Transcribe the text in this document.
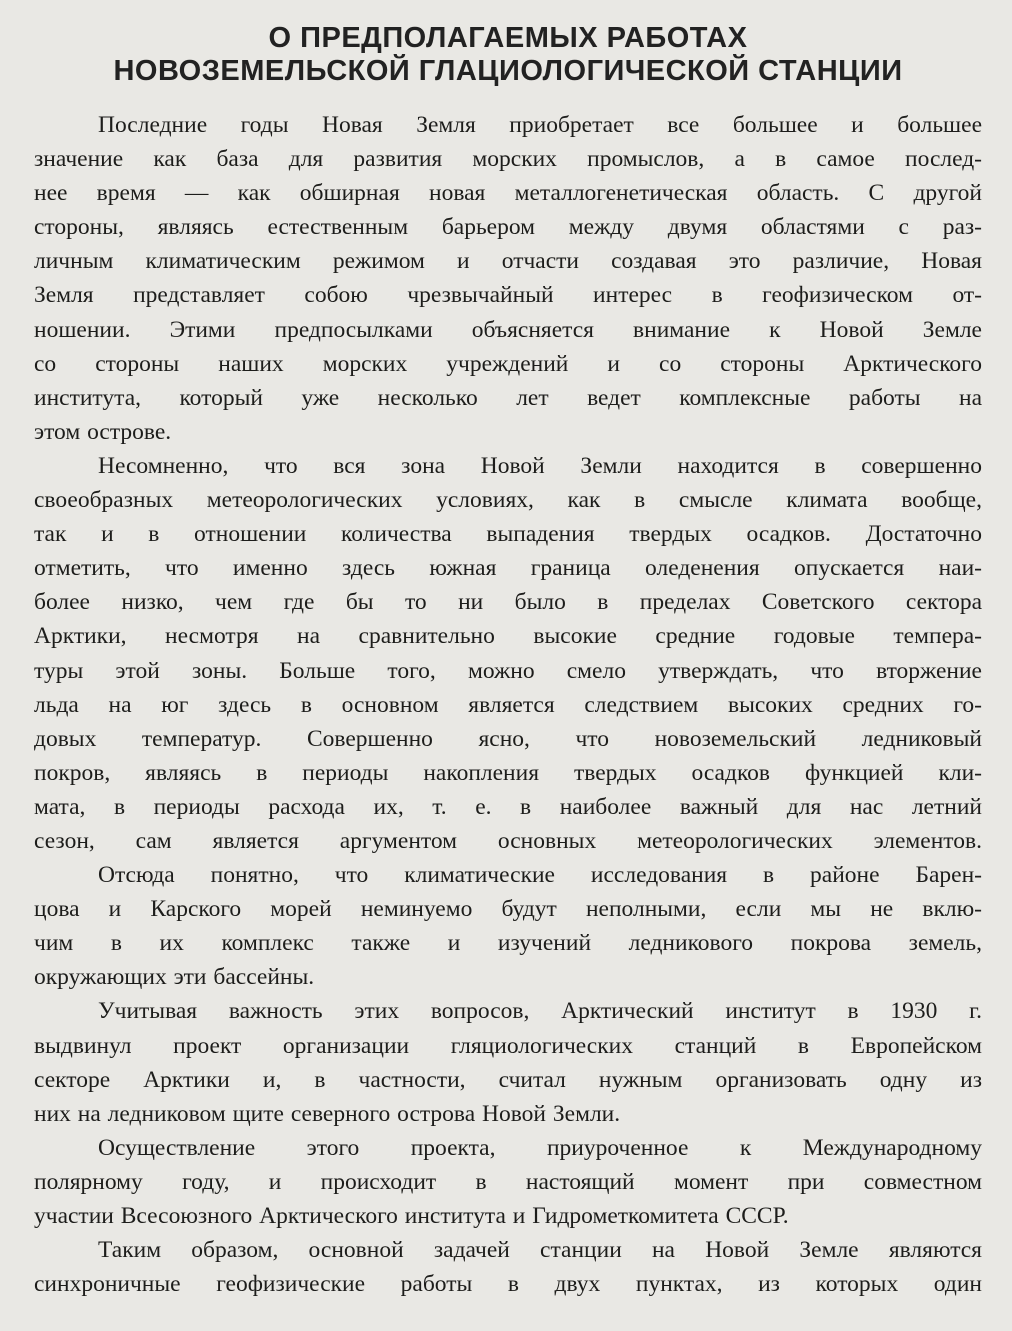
О ПРЕДПОЛАГАЕМЫХ РАБОТАХ
НОВОЗЕМЕЛЬСКОЙ ГЛАЦИОЛОГИЧЕСКОЙ СТАНЦИИ

Последние годы Новая Земля приобретает все большее и большее
значение как база для развития морских промыслов, а в самое послед-
нее время — как обширная новая металлогенетическая область. С другой
стороны, являясь естественным барьером между двумя областями с раз-
личным климатическим режимом и отчасти создавая это различие, Новая
Земля представляет собою чрезвычайный интерес в геофизическом от-
ношении. Этими предпосылками объясняется внимание к Новой Земле
со стороны наших морских учреждений и со стороны Арктического
института, который уже несколько лет ведет комплексные работы на
этом острове.

Несомненно, что вся зона Новой Земли находится в совершенно
своеобразных метеорологических условиях, как в смысле климата вообще,
так и в отношении количества выпадения твердых осадков. Достаточно
отметить, что именно здесь южная граница оледенения опускается наи-
более низко, чем где бы то ни было в пределах Советского сектора
Арктики, несмотря на сравнительно высокие средние годовые темпера-
туры этой зоны. Больше того, можно смело утверждать, что вторжение
льда на юг здесь в основном является следствием высоких средних го-
довых температур. Совершенно ясно, что новоземельский ледниковый
покров, являясь в периоды накопления твердых осадков функцией кли-
мата, в периоды расхода их, т. е. в наиболее важный для нас летний
сезон, сам является аргументом основных метеорологических элементов.

Отсюда понятно, что климатические исследования в районе Барен-
цова и Карского морей неминуемо будут неполными, если мы не вклю-
чим в их комплекс также и изучений ледникового покрова земель,
окружающих эти бассейны.

Учитывая важность этих вопросов, Арктический институт в 1930 г.
выдвинул проект организации гляциологических станций в Европейском
секторе Арктики и, в частности, считал нужным организовать одну из
них на ледниковом щите северного острова Новой Земли.

Осуществление этого проекта, приуроченное к Международному
полярному году, и происходит в настоящий момент при совместном
участии Всесоюзного Арктического института и Гидрометкомитета СССР.

Таким образом, основной задачей станции на Новой Земле являются
синхроничные геофизические работы в двух пунктах, из которых один
